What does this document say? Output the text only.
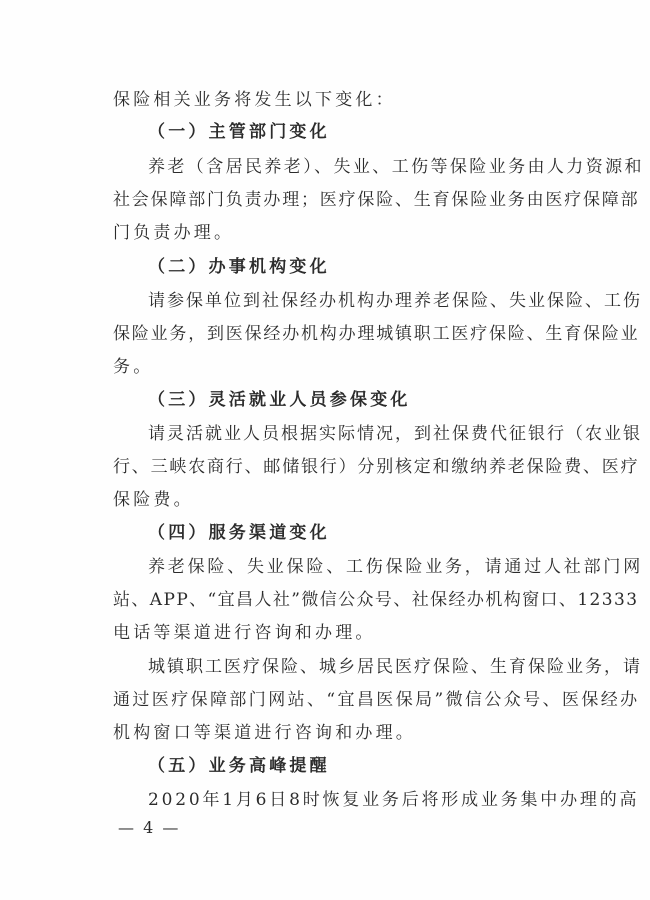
保险相关业务将发生以下变化：
（一）主管部门变化
养老（含居民养老）、失业、工伤等保险业务由人力资源和
社会保障部门负责办理；医疗保险、生育保险业务由医疗保障部
门负责办理。
（二）办事机构变化
请参保单位到社保经办机构办理养老保险、失业保险、工伤
保险业务，到医保经办机构办理城镇职工医疗保险、生育保险业
务。
（三）灵活就业人员参保变化
请灵活就业人员根据实际情况，到社保费代征银行（农业银
行、三峡农商行、邮储银行）分别核定和缴纳养老保险费、医疗
保险费。
（四）服务渠道变化
养老保险、失业保险、工伤保险业务，请通过人社部门网
站、APP、“宜昌人社”微信公众号、社保经办机构窗口、12333
电话等渠道进行咨询和办理。
城镇职工医疗保险、城乡居民医疗保险、生育保险业务，请
通过医疗保障部门网站、“宜昌医保局”微信公众号、医保经办
机构窗口等渠道进行咨询和办理。
（五）业务高峰提醒
2020年1月6日8时恢复业务后将形成业务集中办理的高
— 4 —
